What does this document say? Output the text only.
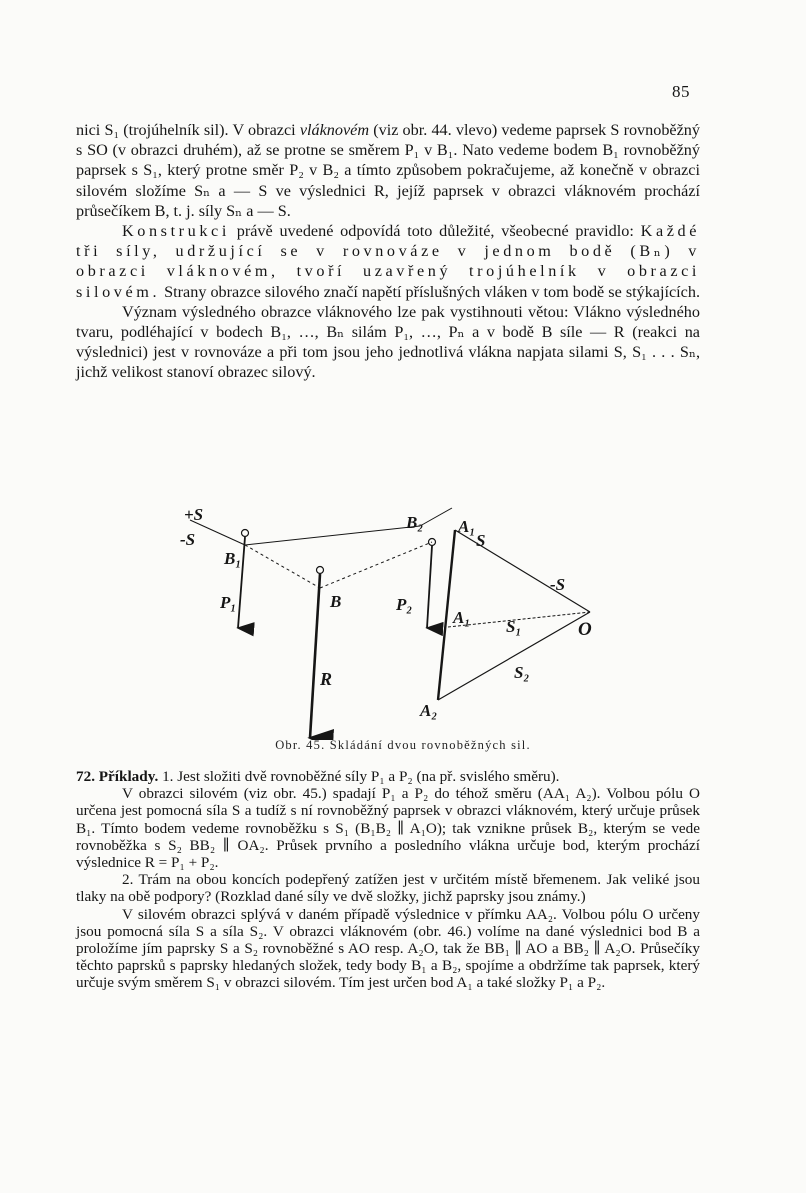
85

nici S₁ (trojúhelník sil). V obrazci vláknovém (viz obr. 44. vlevo) vedeme paprsek S rovnoběžný s SO (v obrazci druhém), až se protne se směrem P₁ v B₁. Nato vedeme bodem B₁ rovnoběžný paprsek s S₁, který protne směr P₂ v B₂ a tímto způsobem pokračujeme, až konečně v obrazci silovém složíme Sₙ a — S ve výslednici R, jejíž paprsek v obrazci vláknovém prochází průsečíkem B, t. j. síly Sₙ a — S.

Konstrukci právě uvedené odpovídá toto důležité, všeobecné pravidlo: Každé tři síly, udržující se v rovnováze v jednom bodě (Bₙ) v obrazci vláknovém, tvoří uzavřený trojúhelník v obrazci silovém. Strany obrazce silového značí napětí příslušných vláken v tom bodě se stýkajících.

Význam výsledného obrazce vláknového lze pak vystihnouti větou: Vlákno výsledného tvaru, podléhající v bodech B₁, …, Bₙ silám P₁, …, Pₙ a v bodě B síle — R (reakci na výslednici) jest v rovnováze a při tom jsou jeho jednotlivá vlákna napjata silami S, S₁ . . . Sₙ, jichž velikost stanoví obrazec silový.

+S
-S
B₁
P₁	B
R
B₂
P₂
A₁
S
-S
A₁ S₁	O
S₂
A₂
Obr. 45. Skládání dvou rovnoběžných sil.

72. Příklady. 1. Jest složiti dvě rovnoběžné síly P₁ a P₂ (na př. svislého směru).

V obrazci silovém (viz obr. 45.) spadají P₁ a P₂ do téhož směru (AA₁ A₂). Volbou pólu O určena jest pomocná síla S a tudíž s ní rovnoběžný paprsek v obrazci vláknovém, který určuje průsek B₁. Tímto bodem vedeme rovnoběžku s S₁ (B₁B₂ ∥ A₁O); tak vznikne průsek B₂, kterým se vede rovnoběžka s S₂ BB₂ ∥ OA₂. Průsek prvního a posledního vlákna určuje bod, kterým prochází výslednice R = P₁ + P₂.

2. Trám na obou koncích podepřený zatížen jest v určitém místě břemenem. Jak veliké jsou tlaky na obě podpory? (Rozklad dané síly ve dvě složky, jichž paprsky jsou známy.)

V silovém obrazci splývá v daném případě výslednice v přímku AA₂. Volbou pólu O určeny jsou pomocná síla S a síla S₂. V obrazci vláknovém (obr. 46.) volíme na dané výslednici bod B a proložíme jím paprsky S a S₂ rovnoběžné s AO resp. A₂O, tak že BB₁ ∥ AO a BB₂ ∥ A₂O. Průsečíky těchto paprsků s paprsky hledaných složek, tedy body B₁ a B₂, spojíme a obdržíme tak paprsek, který určuje svým směrem S₁ v obrazci silovém. Tím jest určen bod A₁ a také složky P₁ a P₂.
